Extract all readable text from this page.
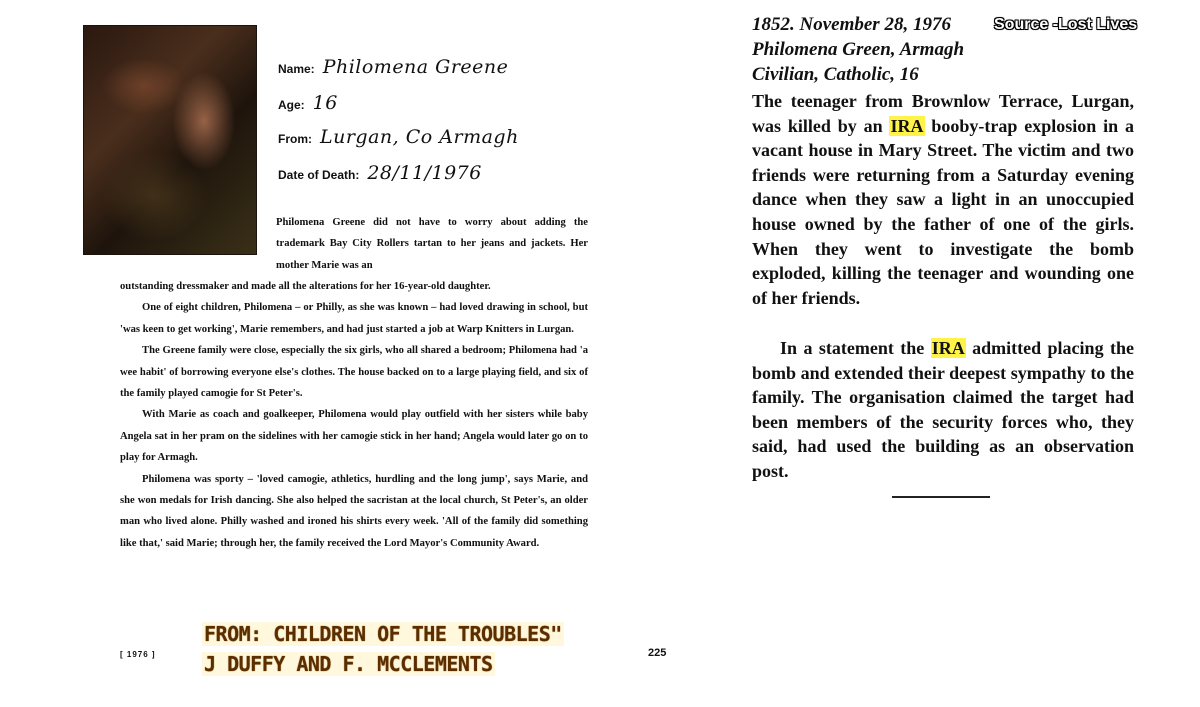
Name: Philomena Greene
Age: 16
From: Lurgan, Co Armagh
Date of Death: 28/11/1976

Philomena Greene did not have to worry about adding the trademark Bay City Rollers tartan to her jeans and jackets. Her mother Marie was an

outstanding dressmaker and made all the alterations for her 16-year-old daughter.

One of eight children, Philomena – or Philly, as she was known – had loved drawing in school, but 'was keen to get working', Marie remembers, and had just started a job at Warp Knitters in Lurgan.

The Greene family were close, especially the six girls, who all shared a bedroom; Philomena had 'a wee habit' of borrowing everyone else's clothes. The house backed on to a large playing field, and six of the family played camogie for St Peter's.

With Marie as coach and goalkeeper, Philomena would play outfield with her sisters while baby Angela sat in her pram on the sidelines with her camogie stick in her hand; Angela would later go on to play for Armagh.

Philomena was sporty – 'loved camogie, athletics, hurdling and the long jump', says Marie, and she won medals for Irish dancing. She also helped the sacristan at the local church, St Peter's, an older man who lived alone. Philly washed and ironed his shirts every week. 'All of the family did something like that,' said Marie; through her, the family received the Lord Mayor's Community Award.

[ 1976 ]
FROM: CHILDREN OF THE TROUBLES"
J DUFFY AND F. MCCLEMENTS	225
1852. November 28, 1976	Source -Lost Lives
Philomena Green, Armagh
Civilian, Catholic, 16

The teenager from Brownlow Terrace, Lurgan, was killed by an IRA booby-trap explosion in a vacant house in Mary Street. The victim and two friends were returning from a Saturday evening dance when they saw a light in an unoccupied house owned by the father of one of the girls. When they went to investigate the bomb exploded, killing the teenager and wounding one of her friends.

In a statement the IRA admitted placing the bomb and extended their deepest sympathy to the family. The organisation claimed the target had been members of the security forces who, they said, had used the building as an observation post.
